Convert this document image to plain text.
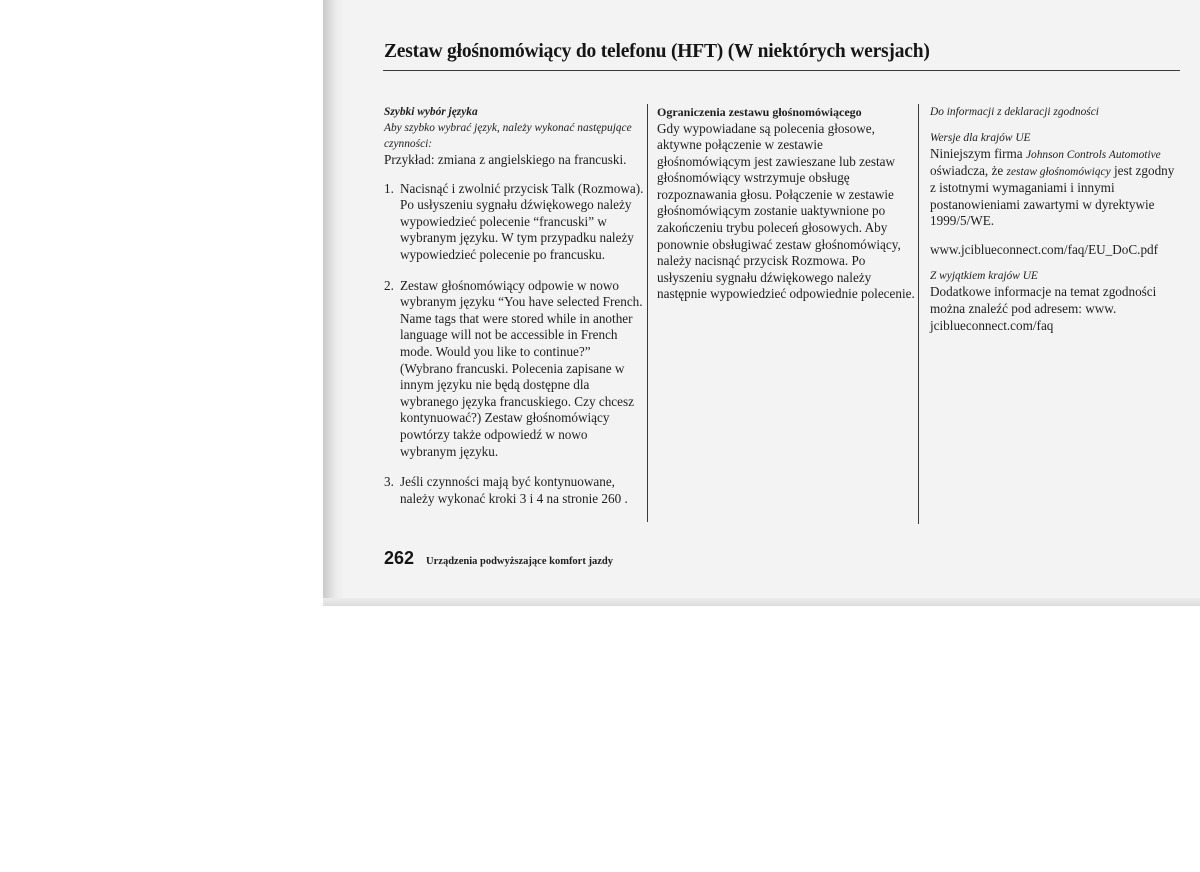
Zestaw głośnomówiący do telefonu (HFT) (W niektórych wersjach)

Szybki wybór języka

Aby szybko wybrać język, należy wykonać następujące czynności:

Przykład: zmiana z angielskiego na francuski.

1. Nacisnąć i zwolnić przycisk Talk (Rozmowa). Po usłyszeniu sygnału dźwiękowego należy wypowiedzieć polecenie “francuski” w wybranym języku. W tym przypadku należy wypowiedzieć polecenie po francusku.
2. Zestaw głośnomówiący odpowie w nowo wybranym języku “You have selected French. Name tags that were stored while in another language will not be accessible in French mode. Would you like to continue?” (Wybrano francuski. Polecenia zapisane w innym języku nie będą dostępne dla wybranego języka francuskiego. Czy chcesz kontynuować?) Zestaw głośnomówiący powtórzy także odpowiedź w nowo wybranym języku.
3. Jeśli czynności mają być kontynuowane, należy wykonać kroki 3 i 4 na stronie 260 .

Ograniczenia zestawu głośnomówiącego

Gdy wypowiadane są polecenia głosowe, aktywne połączenie w zestawie głośnomówiącym jest zawieszane lub zestaw głośnomówiący wstrzymuje obsługę rozpoznawania głosu. Połączenie w zestawie głośnomówiącym zostanie uaktywnione po zakończeniu trybu poleceń głosowych. Aby ponownie obsługiwać zestaw głośnomówiący, należy nacisnąć przycisk Rozmowa. Po usłyszeniu sygnału dźwiękowego należy następnie wypowiedzieć odpowiednie polecenie.

Do informacji z deklaracji zgodności

Wersje dla krajów UE

Niniejszym firma Johnson Controls Automotive oświadcza, że zestaw głośnomówiący jest zgodny z istotnymi wymaganiami i innymi postanowieniami zawartymi w dyrektywie 1999/5/WE.

www.jciblueconnect.com/faq/EU_DoC.pdf

Z wyjątkiem krajów UE

Dodatkowe informacje na temat zgodności można znaleźć pod adresem: www. jciblueconnect.com/faq

262 Urządzenia podwyższające komfort jazdy
